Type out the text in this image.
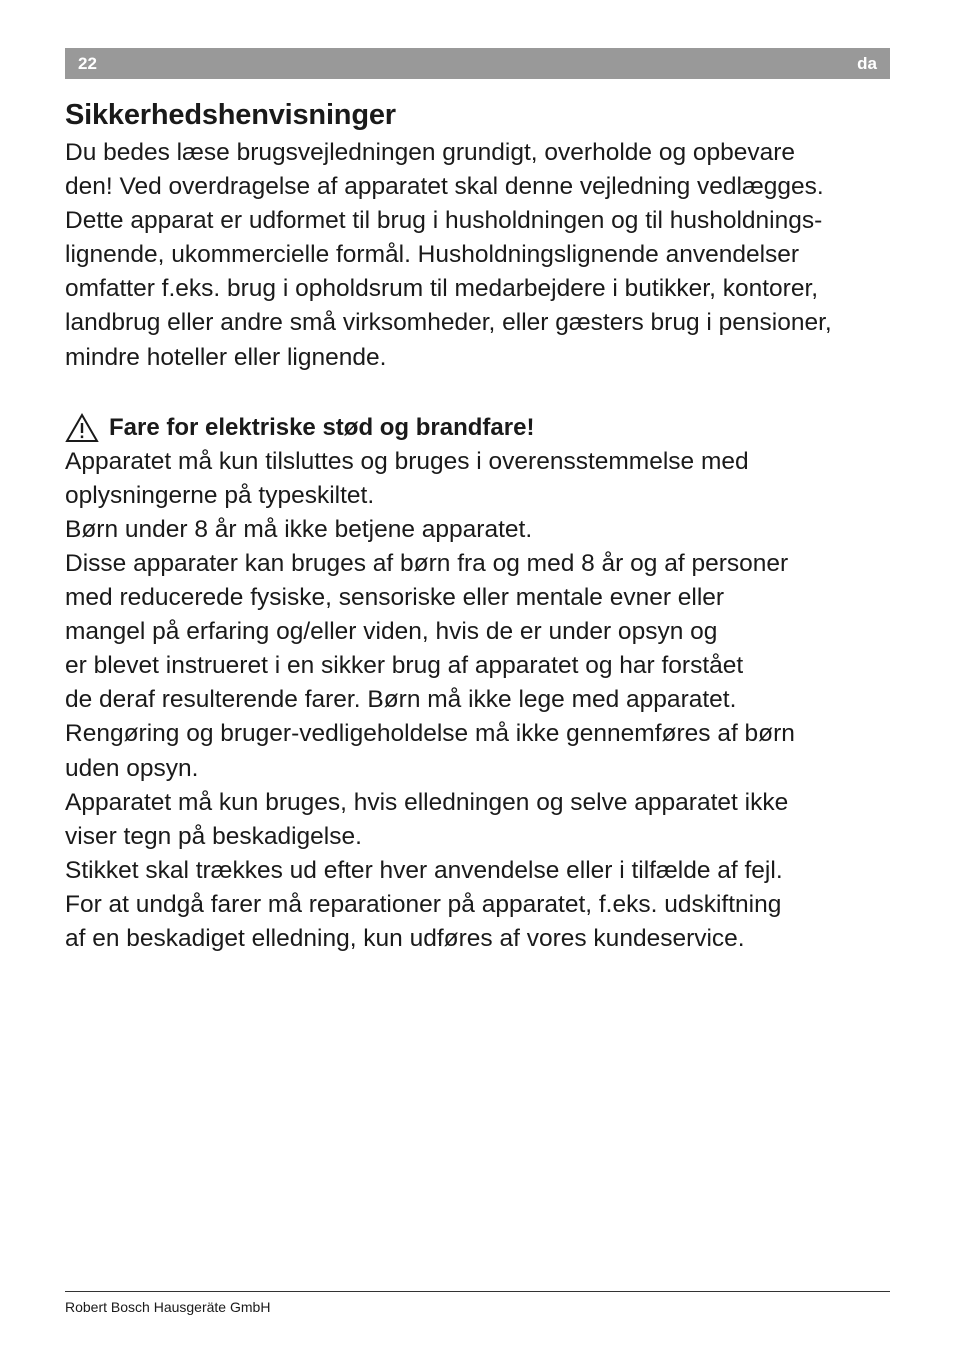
22	da
Sikkerhedshenvisninger

Du bedes læse brugsvejledningen grundigt, overholde og opbevare
den! Ved overdragelse af apparatet skal denne vejledning vedlægges.
Dette apparat er udformet til brug i husholdningen og til husholdnings-
lignende, ukommercielle formål. Husholdningslignende anvendelser
omfatter f.eks. brug i opholdsrum til medarbejdere i butikker, kontorer,
landbrug eller andre små virksomheder, eller gæsters brug i pensioner,
mindre hoteller eller lignende.

Fare for elektriske stød og brandfare!

Apparatet må kun tilsluttes og bruges i overensstemmelse med
oplysningerne på typeskiltet.
Børn under 8 år må ikke betjene apparatet.
Disse apparater kan bruges af børn fra og med 8 år og af personer
med reducerede fysiske, sensoriske eller mentale evner eller
mangel på erfaring og/eller viden, hvis de er under opsyn og
er blevet instrueret i en sikker brug af apparatet og har forstået
de deraf resulterende farer. Børn må ikke lege med apparatet.
Rengøring og bruger-vedligeholdelse må ikke gennemføres af børn
uden opsyn.
Apparatet må kun bruges, hvis elledningen og selve apparatet ikke
viser tegn på beskadigelse.
Stikket skal trækkes ud efter hver anvendelse eller i tilfælde af fejl.
For at undgå farer må reparationer på apparatet, f.eks. udskiftning
af en beskadiget elledning, kun udføres af vores kundeservice.

Robert Bosch Hausgeräte GmbH
